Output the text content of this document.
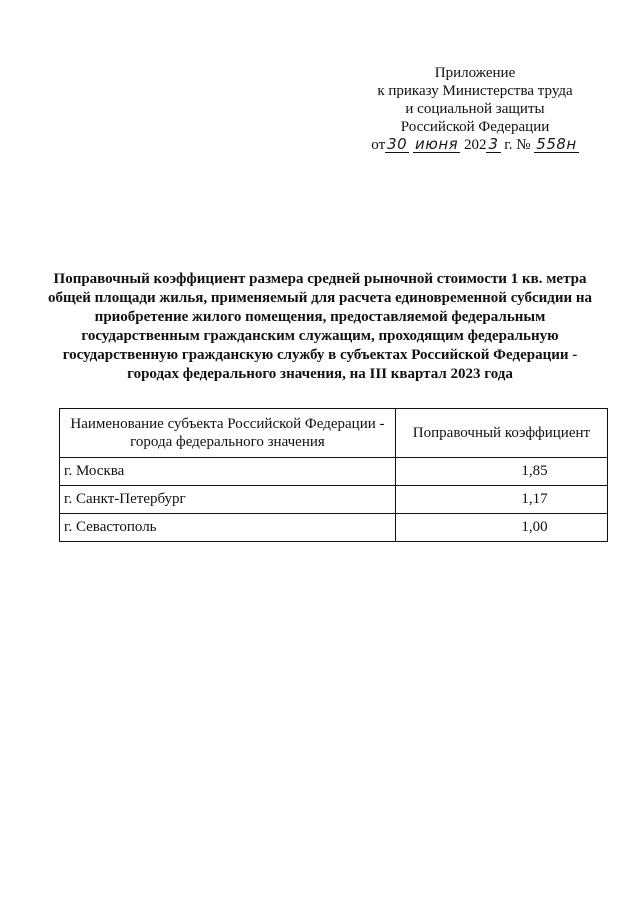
Приложение
к приказу Министерства труда
и социальной защиты
Российской Федерации
от 30 июня 202 3 г. № 558н
Поправочный коэффициент размера средней рыночной стоимости 1 кв. метра
общей площади жилья, применяемый для расчета единовременной субсидии на
приобретение жилого помещения, предоставляемой федеральным
государственным гражданским служащим, проходящим федеральную
государственную гражданскую службу в субъектах Российской Федерации -
городах федерального значения, на III квартал 2023 года
Наименование субъекта Российской Федерации -
города федерального значения	Поправочный коэффициент
г. Москва	1,85
г. Санкт-Петербург	1,17
г. Севастополь	1,00
